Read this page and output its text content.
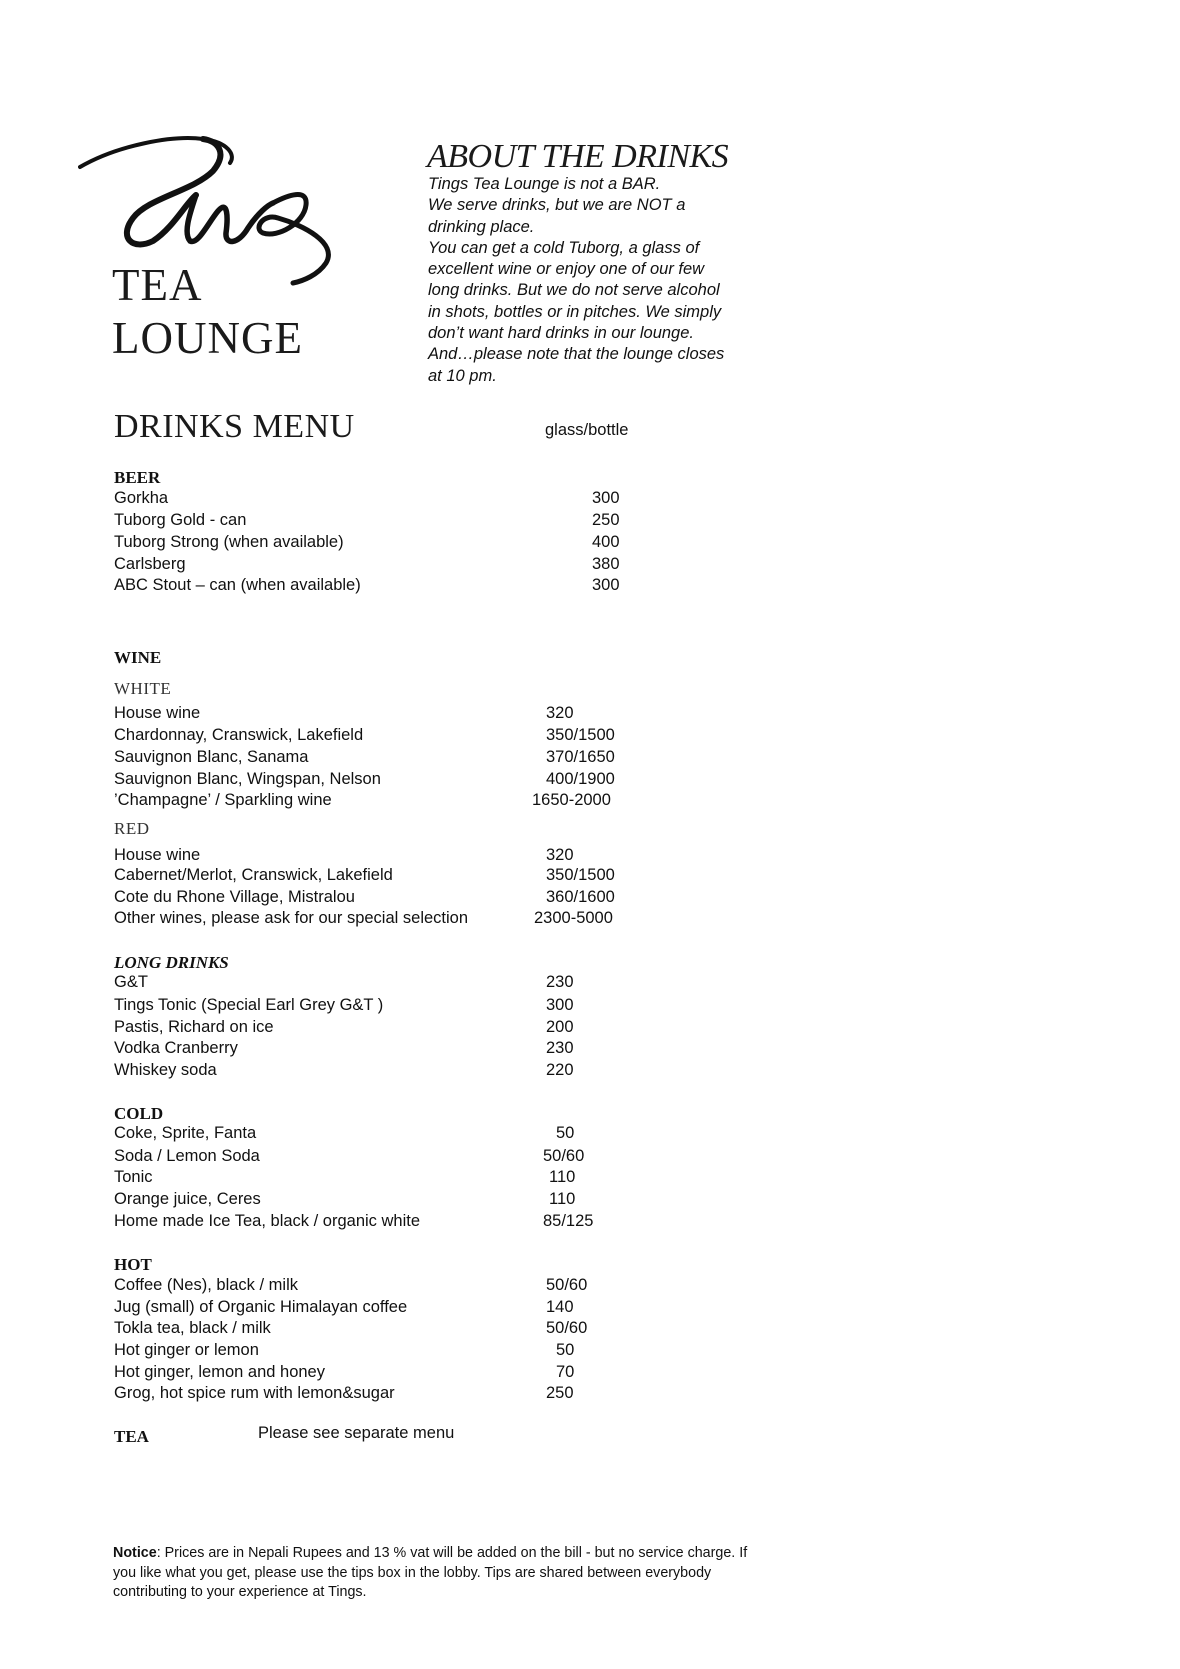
TEA
LOUNGE
ABOUT THE DRINKS
Tings Tea Lounge is not a BAR.
We serve drinks, but we are NOT a
drinking place.
You can get a cold Tuborg, a glass of
excellent wine or enjoy one of our few
long drinks. But we do not serve alcohol
in shots, bottles or in pitches. We simply
don’t want hard drinks in our lounge.
And…please note that the lounge closes
at 10 pm.
DRINKS MENU	glass/bottle
BEER
Gorkha	300
Tuborg Gold - can	250
Tuborg Strong (when available)	400
Carlsberg	380
ABC Stout – can (when available)	300
WINE
WHITE
House wine	320
Chardonnay, Cranswick, Lakefield	350/1500
Sauvignon Blanc, Sanama	370/1650
Sauvignon Blanc, Wingspan, Nelson	400/1900
’Champagne’ / Sparkling wine	1650-2000
RED
House wine	320
Cabernet/Merlot, Cranswick, Lakefield	350/1500
Cote du Rhone Village, Mistralou	360/1600
Other wines, please ask for our special selection	2300-5000
LONG DRINKS
G&T	230
Tings Tonic (Special Earl Grey G&T )	300
Pastis, Richard on ice	200
Vodka Cranberry	230
Whiskey soda	220
COLD
Coke, Sprite, Fanta	50
Soda / Lemon Soda	50/60
Tonic	110
Orange juice, Ceres	110
Home made Ice Tea, black / organic white	85/125
HOT
Coffee (Nes), black / milk	50/60
Jug (small) of Organic Himalayan coffee	140
Tokla tea, black / milk	50/60
Hot ginger or lemon	50
Hot ginger, lemon and honey	70
Grog, hot spice rum with lemon&sugar	250
TEA	Please see separate menu
Notice: Prices are in Nepali Rupees and 13 % vat will be added on the bill - but no service charge. If you like what you get, please use the tips box in the lobby. Tips are shared between everybody contributing to your experience at Tings.
